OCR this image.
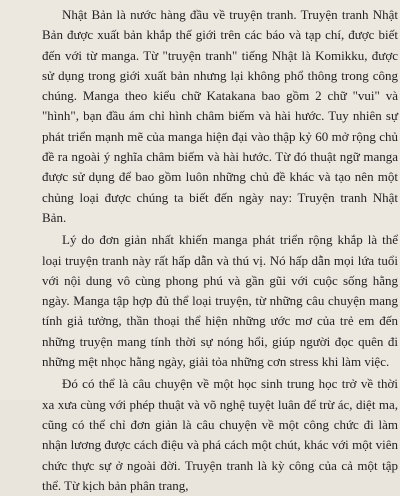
Nhật Bản là nước hàng đầu về truyện tranh. Truyện tranh Nhật Bản được xuất bản khắp thế giới trên các báo và tạp chí, được biết đến với từ manga. Từ "truyện tranh" tiếng Nhật là Komikku, được sử dụng trong giới xuất bản nhưng lại không phổ thông trong công chúng. Manga theo kiểu chữ Katakana bao gồm 2 chữ "vui" và "hình", bạn đầu ám chỉ hình châm biếm và hài hước. Tuy nhiên sự phát triển mạnh mẽ của manga hiện đại vào thập kỷ 60 mở rộng chủ đề ra ngoài ý nghĩa châm biếm và hài hước. Từ đó thuật ngữ manga được sử dụng để bao gồm luôn những chủ đề khác và tạo nên một chủng loại được chúng ta biết đến ngày nay: Truyện tranh Nhật Bản.

Lý do đơn giản nhất khiến manga phát triển rộng khắp là thể loại truyện tranh này rất hấp dẫn và thú vị. Nó hấp dẫn mọi lứa tuổi với nội dung vô cùng phong phú và gần gũi với cuộc sống hằng ngày. Manga tập hợp đủ thể loại truyện, từ những câu chuyện mang tính giả tưởng, thần thoại thể hiện những ước mơ của trẻ em đến những truyện mang tính thời sự nóng hổi, giúp người đọc quên đi những mệt nhọc hằng ngày, giải tỏa những cơn stress khi làm việc.

Đó có thể là câu chuyện về một học sinh trung học trở về thời xa xưa cùng với phép thuật và võ nghệ tuyệt luân để trừ ác, diệt ma, cũng có thể chỉ đơn giản là câu chuyện về một công chức đi làm nhận lương được cách điệu và phá cách một chút, khác với một viên chức thực sự ở ngoài đời. Truyện tranh là kỳ công của cả một tập thể. Từ kịch bản phân trang,
